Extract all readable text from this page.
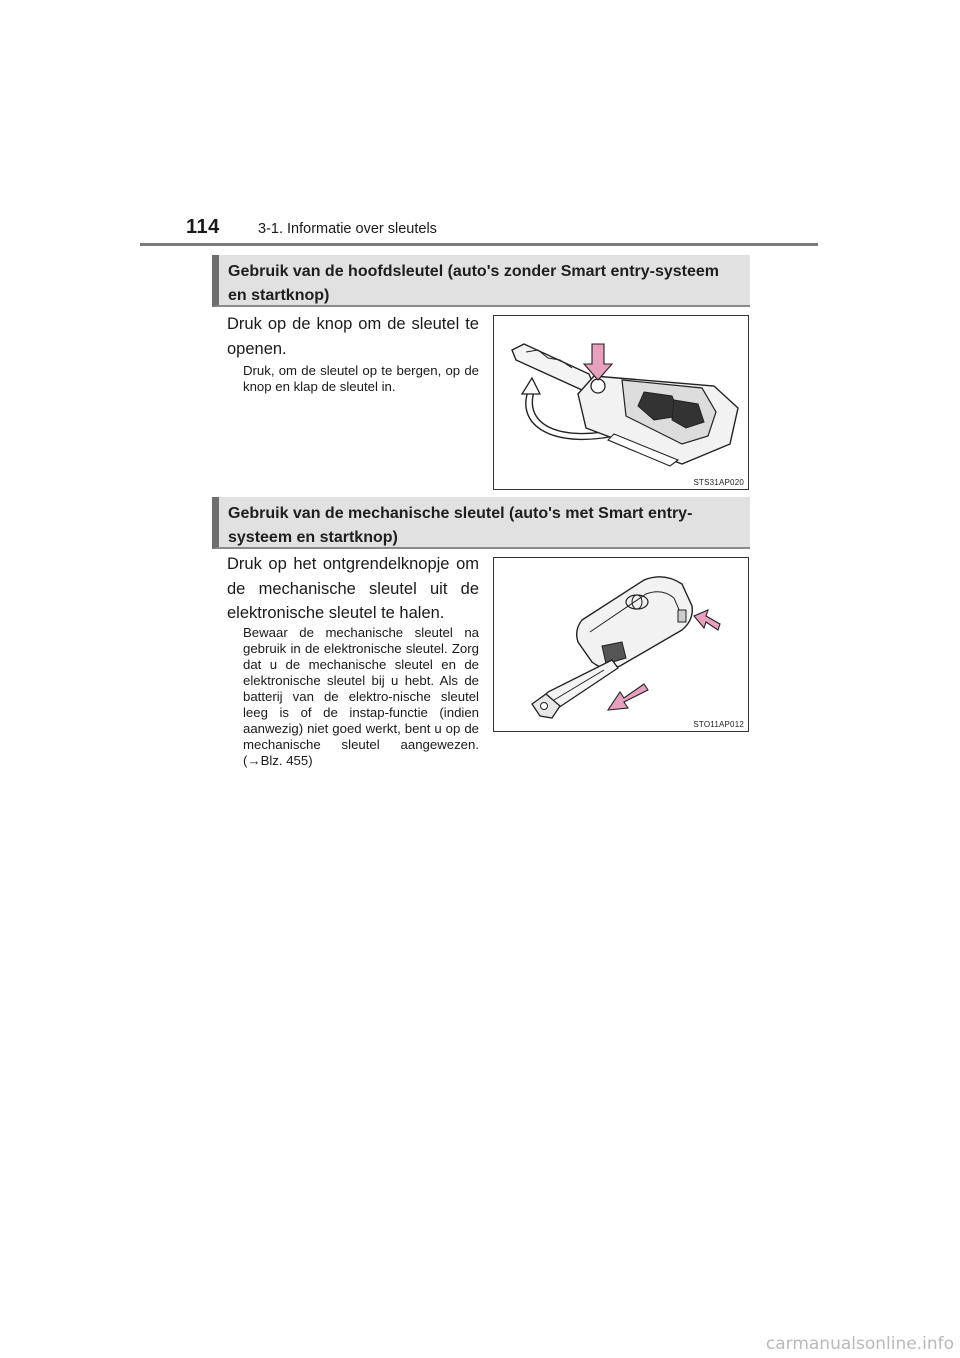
114	3-1. Informatie over sleutels
Gebruik van de hoofdsleutel (auto's zonder Smart entry-systeem en startknop)
Druk op de knop om de sleutel te openen.
Druk, om de sleutel op te bergen, op de knop en klap de sleutel in.
STS31AP020
Gebruik van de mechanische sleutel (auto's met Smart entry-systeem en startknop)
Druk op het ontgrendelknopje om de mechanische sleutel uit de elektronische sleutel te halen.
Bewaar de mechanische sleutel na gebruik in de elektronische sleutel. Zorg dat u de mechanische sleutel en de elektronische sleutel bij u hebt. Als de batterij van de elektro-nische sleutel leeg is of de instap-functie (indien aanwezig) niet goed werkt, bent u op de mechanische sleutel aangewezen. (→Blz. 455)
STO11AP012
carmanualsonline.info
